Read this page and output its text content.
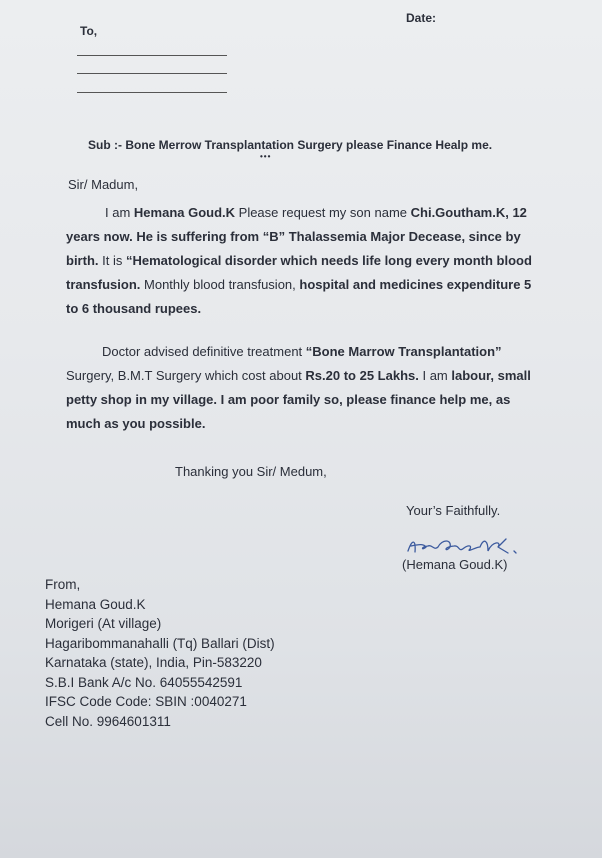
Date:
To,
Sub :- Bone Merrow Transplantation Surgery please Finance Healp me.
•••
Sir/ Madum,
I am Hemana Goud.K Please request my son name Chi.Goutham.K, 12
years now. He is suffering from “B” Thalassemia Major Decease, since by
birth. It is “Hematological disorder which needs life long every month blood
transfusion. Monthly blood transfusion, hospital and medicines expenditure 5
to 6 thousand rupees.
Doctor advised definitive treatment “Bone Marrow Transplantation”
Surgery, B.M.T Surgery which cost about Rs.20 to 25 Lakhs. I am labour, small
petty shop in my village. I am poor family so, please finance help me, as
much as you possible.
Thanking you Sir/ Medum,
Your’s Faithfully.
(Hemana Goud.K)
From,
Hemana Goud.K
Morigeri (At village)
Hagaribommanahalli (Tq) Ballari (Dist)
Karnataka (state), India, Pin-583220
S.B.I Bank A/c No. 64055542591
IFSC Code Code: SBIN :0040271
Cell No. 9964601311
